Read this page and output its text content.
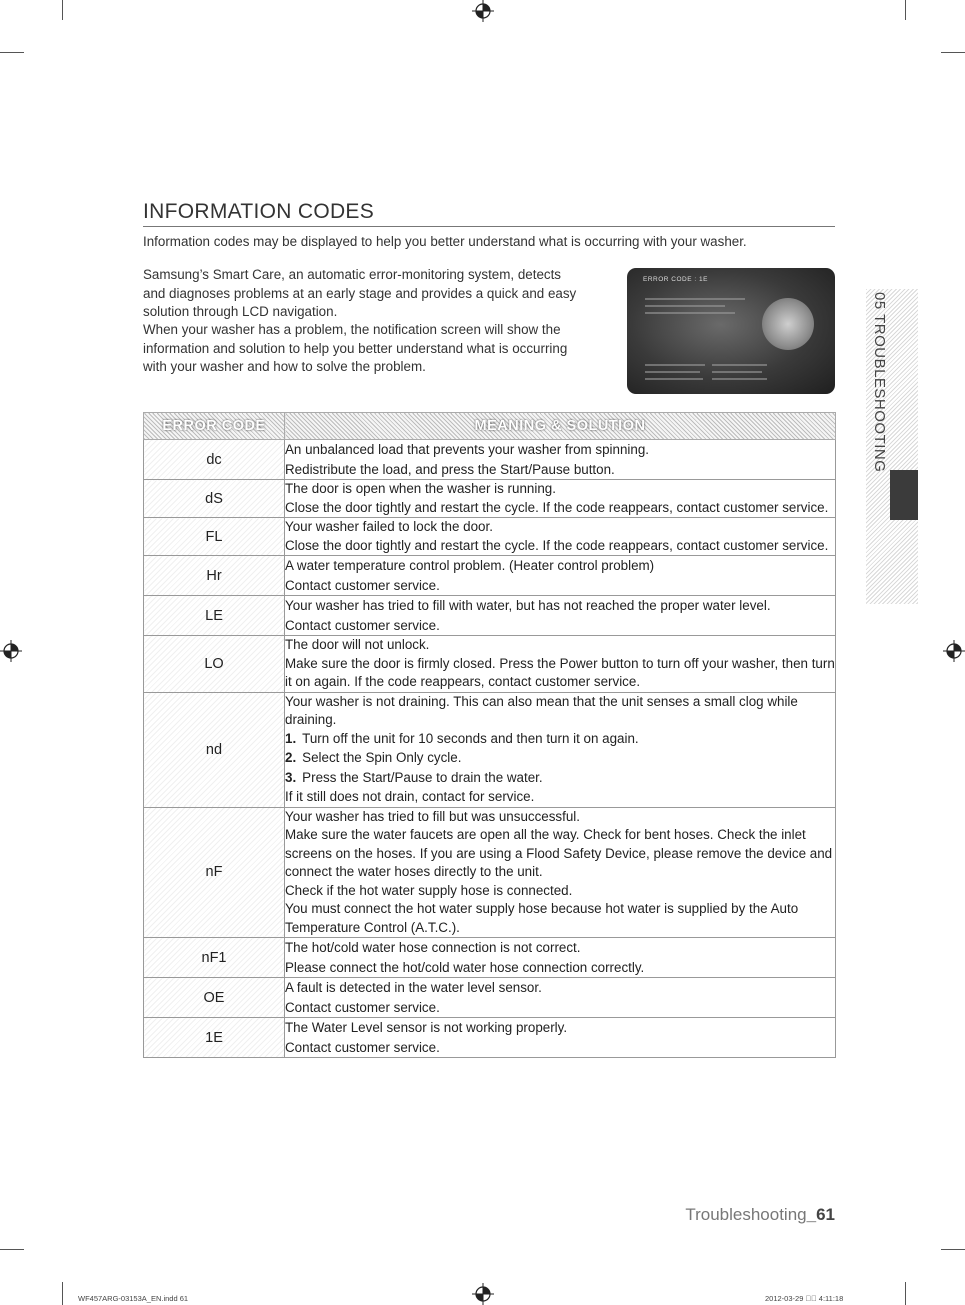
INFORMATION CODES
Information codes may be displayed to help you better understand what is occurring with your washer.
Samsung’s Smart Care, an automatic error-monitoring system, detects
and diagnoses problems at an early stage and provides a quick and easy
solution through LCD navigation.
When your washer has a problem, the notification screen will show the
information and solution to help you better understand what is occurring
with your washer and how to solve the problem.
ERROR CODE : 1E
05 TROUBLESHOOTING
ERROR CODE	MEANING & SOLUTION
dc	An unbalanced load that prevents your washer from spinning.
Redistribute the load, and press the Start/Pause button.

dS	The door is open when the washer is running.
Close the door tightly and restart the cycle. If the code reappears, contact customer service.

FL	Your washer failed to lock the door.
Close the door tightly and restart the cycle. If the code reappears, contact customer service.

Hr	A water temperature control problem. (Heater control problem)
Contact customer service.

LE	Your washer has tried to fill with water, but has not reached the proper water level.
Contact customer service.

LO	The door will not unlock.
Make sure the door is firmly closed. Press the Power button to turn off your washer, then turn it on again. If the code reappears, contact customer service.

nd	Your washer is not draining. This can also mean that the unit senses a small clog while draining.
1. Turn off the unit for 10 seconds and then turn it on again.
2. Select the Spin Only cycle.
3. Press the Start/Pause to drain the water.
If it still does not drain, contact for service.

nF	Your washer has tried to fill but was unsuccessful.
Make sure the water faucets are open all the way. Check for bent hoses. Check the inlet screens on the hoses. If you are using a Flood Safety Device, please remove the device and connect the water hoses directly to the unit.
Check if the hot water supply hose is connected.
You must connect the hot water supply hose because hot water is supplied by the Auto Temperature Control (A.T.C.).

nF1	The hot/cold water hose connection is not correct.
Please connect the hot/cold water hose connection correctly.

OE	A fault is detected in the water level sensor.
Contact customer service.

1E	The Water Level sensor is not working properly.
Contact customer service.
Troubleshooting_61
WF457ARG-03153A_EN.indd 61	2012-03-29 ￿￿ 4:11:18
